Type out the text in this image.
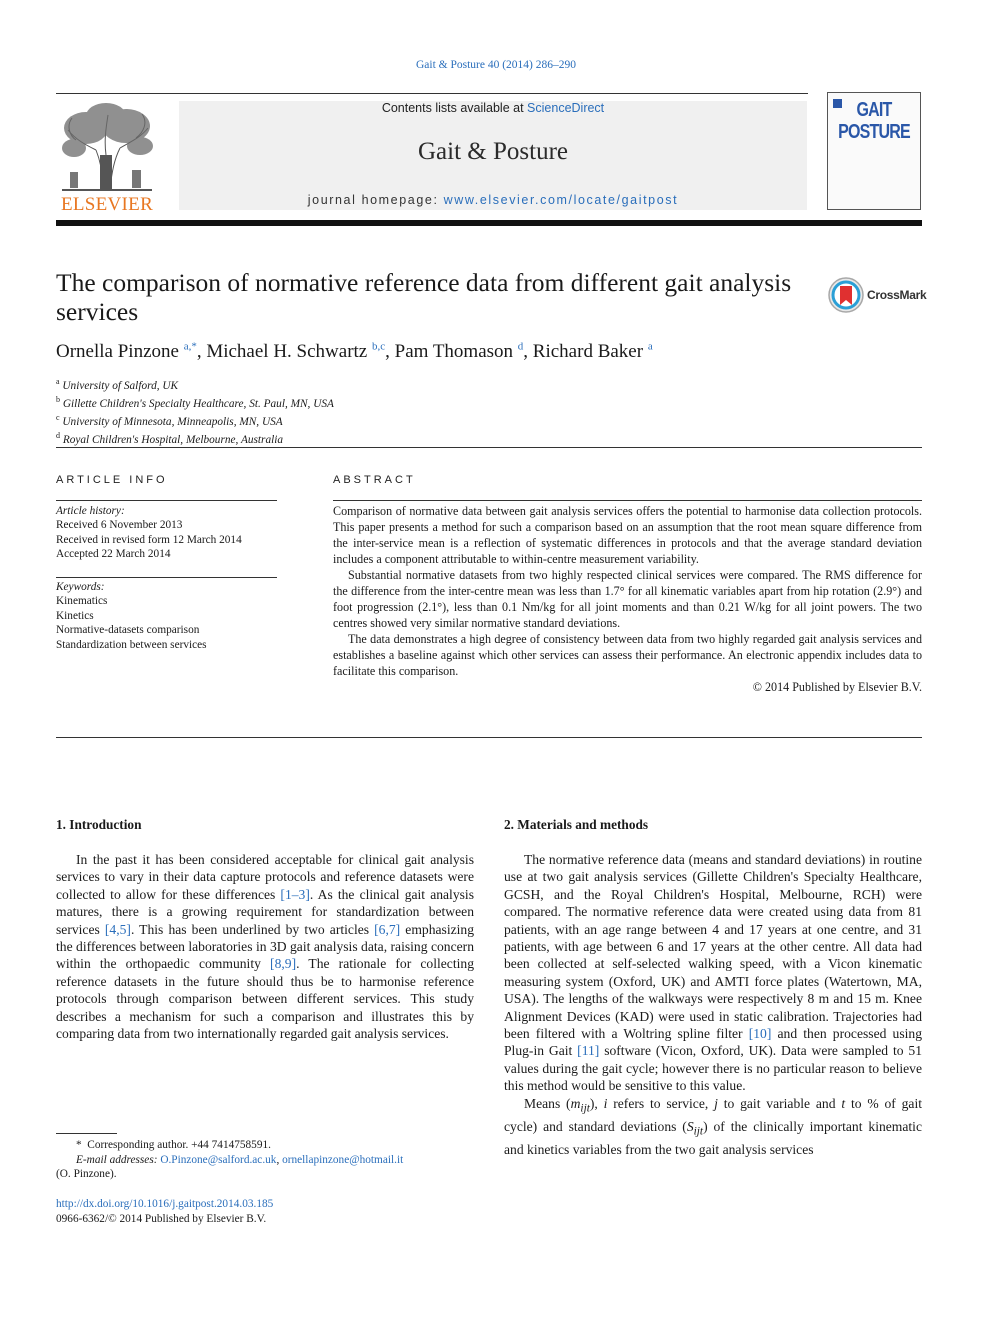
Gait & Posture 40 (2014) 286–290
ELSEVIER
Contents lists available at ScienceDirect
Gait & Posture
journal homepage: www.elsevier.com/locate/gaitpost
GAIT
POSTURE
The comparison of normative reference data from different gait analysis services
CrossMark
Ornella Pinzone $^{a,*}$, Michael H. Schwartz $^{b,c}$, Pam Thomason $^d$, Richard Baker $^a$
$^a$ University of Salford, UK
$^b$ Gillette Children's Specialty Healthcare, St. Paul, MN, USA
$^c$ University of Minnesota, Minneapolis, MN, USA
$^d$ Royal Children's Hospital, Melbourne, Australia
ARTICLE INFO
Article history:
Received 6 November 2013
Received in revised form 12 March 2014
Accepted 22 March 2014
Keywords:
Kinematics
Kinetics
Normative-datasets comparison
Standardization between services
ABSTRACT

Comparison of normative data between gait analysis services offers the potential to harmonise data collection protocols. This paper presents a method for such a comparison based on an assumption that the root mean square difference from the inter-service mean is a reflection of systematic differences in protocols and that the average standard deviation includes a component attributable to within-centre measurement variability.

Substantial normative datasets from two highly respected clinical services were compared. The RMS difference for the difference from the inter-centre mean was less than 1.7° for all kinematic variables apart from hip rotation (2.9°) and foot progression (2.1°), less than 0.1 Nm/kg for all joint moments and than 0.21 W/kg for all joint powers. The two centres showed very similar normative standard deviations.

The data demonstrates a high degree of consistency between data from two highly regarded gait analysis services and establishes a baseline against which other services can assess their performance. An electronic appendix includes data to facilitate this comparison.

© 2014 Published by Elsevier B.V.

1. Introduction

In the past it has been considered acceptable for clinical gait analysis services to vary in their data capture protocols and reference datasets were collected to allow for these differences [1–3]. As the clinical gait analysis matures, there is a growing requirement for standardization between services [4,5]. This has been underlined by two articles [6,7] emphasizing the differences between laboratories in 3D gait analysis data, raising concern within the orthopaedic community [8,9]. The rationale for collecting reference datasets in the future should thus be to harmonise reference protocols through comparison between different services. This study describes a mechanism for such a comparison and illustrates this by comparing data from two internationally regarded gait analysis services.

2. Materials and methods

The normative reference data (means and standard deviations) in routine use at two gait analysis services (Gillette Children's Specialty Healthcare, GCSH, and the Royal Children's Hospital, Melbourne, RCH) were compared. The normative reference data were created using data from 81 patients, with an age range between 4 and 17 years at one centre, and 31 patients, with age between 6 and 17 years at the other centre. All data had been collected at self-selected walking speed, with a Vicon kinematic measuring system (Oxford, UK) and AMTI force plates (Watertown, MA, USA). The lengths of the walkways were respectively 8 m and 15 m. Knee Alignment Devices (KAD) were used in static calibration. Trajectories had been filtered with a Woltring spline filter [10] and then processed using Plug-in Gait [11] software (Vicon, Oxford, UK). Data were sampled to 51 values during the gait cycle; however there is no particular reason to believe this method would be sensitive to this value.

Means $(m_{ijt})$, i refers to service, j to gait variable and t to % of gait cycle) and standard deviations $(S_{ijt})$ of the clinically important kinematic and kinetics variables from the two gait analysis services

*  Corresponding author. +44 7414758591.
E-mail addresses: O.Pinzone@salford.ac.uk, ornellapinzone@hotmail.it
(O. Pinzone).
http://dx.doi.org/10.1016/j.gaitpost.2014.03.185
0966-6362/© 2014 Published by Elsevier B.V.
